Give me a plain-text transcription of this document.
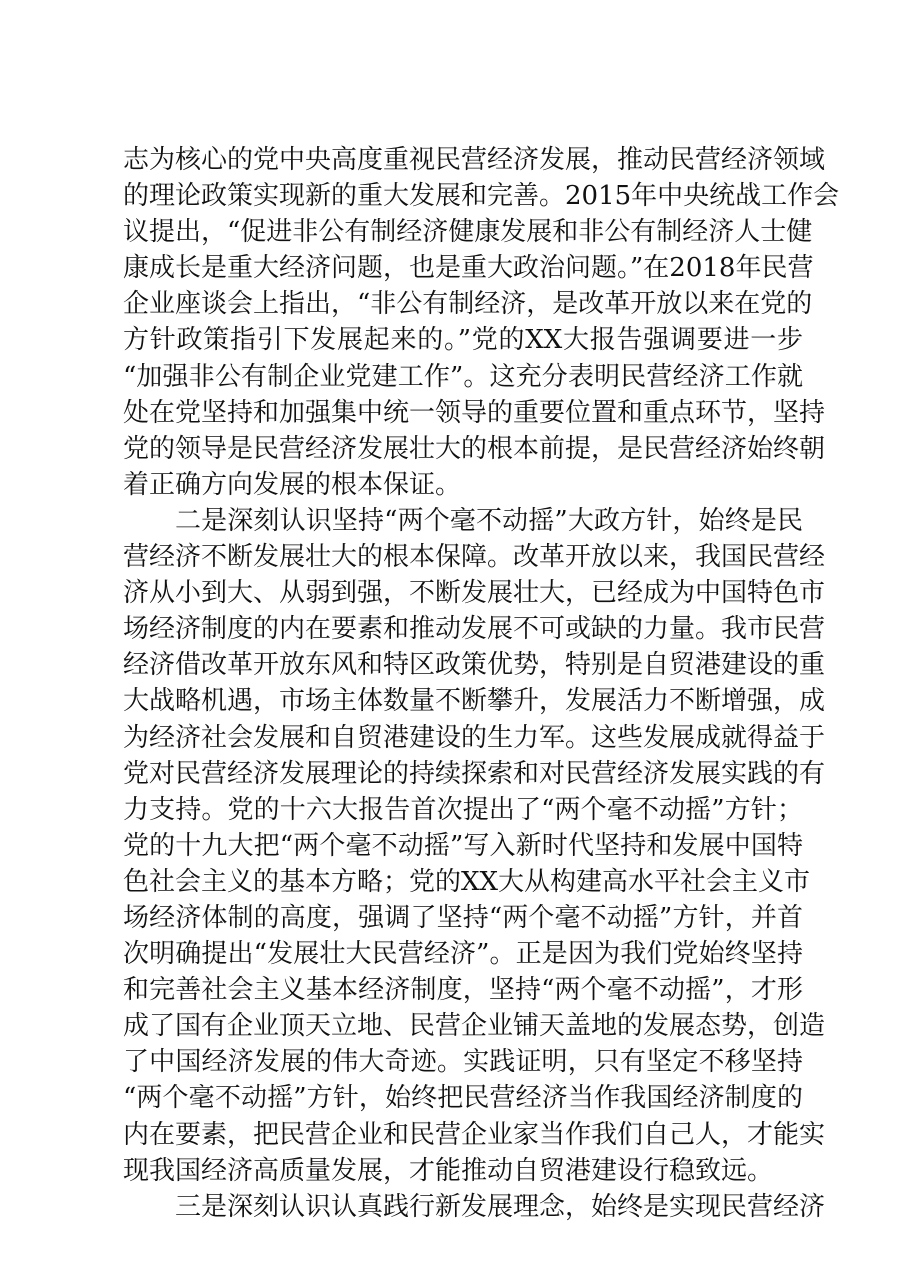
志为核心的党中央高度重视民营经济发展，推动民营经济领域
的理论政策实现新的重大发展和完善。2015年中央统战工作会
议提出，“促进非公有制经济健康发展和非公有制经济人士健
康成长是重大经济问题，也是重大政治问题。”在2018年民营
企业座谈会上指出，“非公有制经济，是改革开放以来在党的
方针政策指引下发展起来的。”党的XX大报告强调要进一步
“加强非公有制企业党建工作”。这充分表明民营经济工作就
处在党坚持和加强集中统一领导的重要位置和重点环节，坚持
党的领导是民营经济发展壮大的根本前提，是民营经济始终朝
着正确方向发展的根本保证。
二是深刻认识坚持“两个毫不动摇”大政方针，始终是民
营经济不断发展壮大的根本保障。改革开放以来，我国民营经
济从小到大、从弱到强，不断发展壮大，已经成为中国特色市
场经济制度的内在要素和推动发展不可或缺的力量。我市民营
经济借改革开放东风和特区政策优势，特别是自贸港建设的重
大战略机遇，市场主体数量不断攀升，发展活力不断增强，成
为经济社会发展和自贸港建设的生力军。这些发展成就得益于
党对民营经济发展理论的持续探索和对民营经济发展实践的有
力支持。党的十六大报告首次提出了“两个毫不动摇”方针；
党的十九大把“两个毫不动摇”写入新时代坚持和发展中国特
色社会主义的基本方略；党的XX大从构建高水平社会主义市
场经济体制的高度，强调了坚持“两个毫不动摇”方针，并首
次明确提出“发展壮大民营经济”。正是因为我们党始终坚持
和完善社会主义基本经济制度，坚持“两个毫不动摇”，才形
成了国有企业顶天立地、民营企业铺天盖地的发展态势，创造
了中国经济发展的伟大奇迹。实践证明，只有坚定不移坚持
“两个毫不动摇”方针，始终把民营经济当作我国经济制度的
内在要素，把民营企业和民营企业家当作我们自己人，才能实
现我国经济高质量发展，才能推动自贸港建设行稳致远。
三是深刻认识认真践行新发展理念，始终是实现民营经济
